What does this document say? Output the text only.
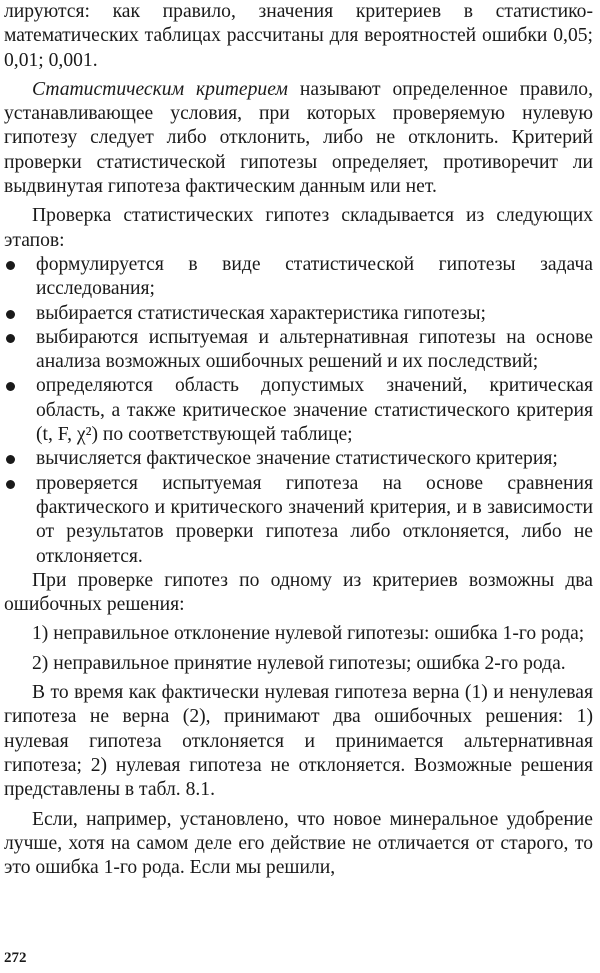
лируются: как правило, значения критериев в статистико-математических таблицах рассчитаны для вероятностей ошибки 0,05; 0,01; 0,001.

Статистическим критерием называют определенное правило, устанавливающее условия, при которых проверяемую нулевую гипотезу следует либо отклонить, либо не отклонить. Критерий проверки статистической гипотезы определяет, противоречит ли выдвинутая гипотеза фактическим данным или нет.

Проверка статистических гипотез складывается из следующих этапов:

формулируется в виде статистической гипотезы задача исследования;
выбирается статистическая характеристика гипотезы;
выбираются испытуемая и альтернативная гипотезы на основе анализа возможных ошибочных решений и их последствий;
определяются область допустимых значений, критическая область, а также критическое значение статистического критерия (t, F, χ²) по соответствующей таблице;
вычисляется фактическое значение статистического критерия;
проверяется испытуемая гипотеза на основе сравнения фактического и критического значений критерия, и в зависимости от результатов проверки гипотеза либо отклоняется, либо не отклоняется.

При проверке гипотез по одному из критериев возможны два ошибочных решения:

1) неправильное отклонение нулевой гипотезы: ошибка 1-го рода;

2) неправильное принятие нулевой гипотезы; ошибка 2-го рода.

В то время как фактически нулевая гипотеза верна (1) и ненулевая гипотеза не верна (2), принимают два ошибочных решения: 1) нулевая гипотеза отклоняется и принимается альтернативная гипотеза; 2) нулевая гипотеза не отклоняется. Возможные решения представлены в табл. 8.1.

Если, например, установлено, что новое минеральное удобрение лучше, хотя на самом деле его действие не отличается от старого, то это ошибка 1-го рода. Если мы решили,

272
